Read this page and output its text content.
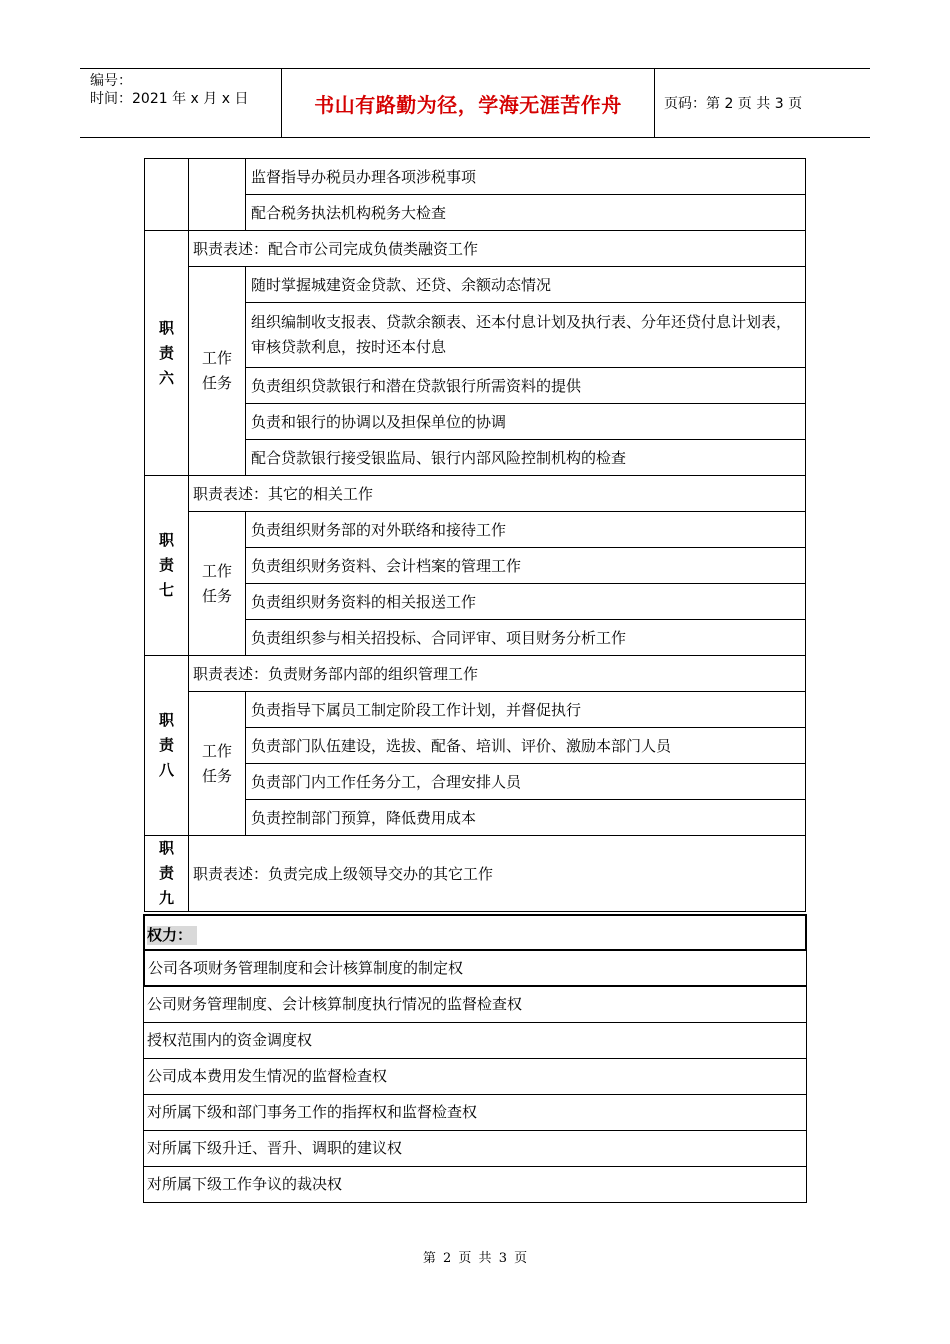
编号：
时间：2021 年 x 月 x 日	书山有路勤为径，学海无涯苦作舟	页码：第 2 页 共 3 页
		监督指导办税员办理各项涉税事项
		配合税务执法机构税务大检查

职
责
六	职责表述：配合市公司完成负债类融资工作	

	工作
任务	随时掌握城建资金贷款、还贷、余额动态情况
		组织编制收支报表、贷款余额表、还本付息计划及执行表、分年还贷付息计划表，审核贷款利息，按时还本付息
		负责组织贷款银行和潜在贷款银行所需资料的提供
		负责和银行的协调以及担保单位的协调
		配合贷款银行接受银监局、银行内部风险控制机构的检查

职
责
七	职责表述：其它的相关工作	

	工作
任务	负责组织财务部的对外联络和接待工作
		负责组织财务资料、会计档案的管理工作
		负责组织财务资料的相关报送工作
		负责组织参与相关招投标、合同评审、项目财务分析工作

职
责
八	职责表述：负责财务部内部的组织管理工作	

	工作
任务	负责指导下属员工制定阶段工作计划，并督促执行
		负责部门队伍建设，选拔、配备、培训、评价、激励本部门人员
		负责部门内工作任务分工，合理安排人员
		负责控制部门预算，降低费用成本

职
责
九	职责表述：负责完成上级领导交办的其它工作	
权力：
公司各项财务管理制度和会计核算制度的制定权
公司财务管理制度、会计核算制度执行情况的监督检查权
授权范围内的资金调度权
公司成本费用发生情况的监督检查权
对所属下级和部门事务工作的指挥权和监督检查权
对所属下级升迁、晋升、调职的建议权
对所属下级工作争议的裁决权
第 2 页 共 3 页
